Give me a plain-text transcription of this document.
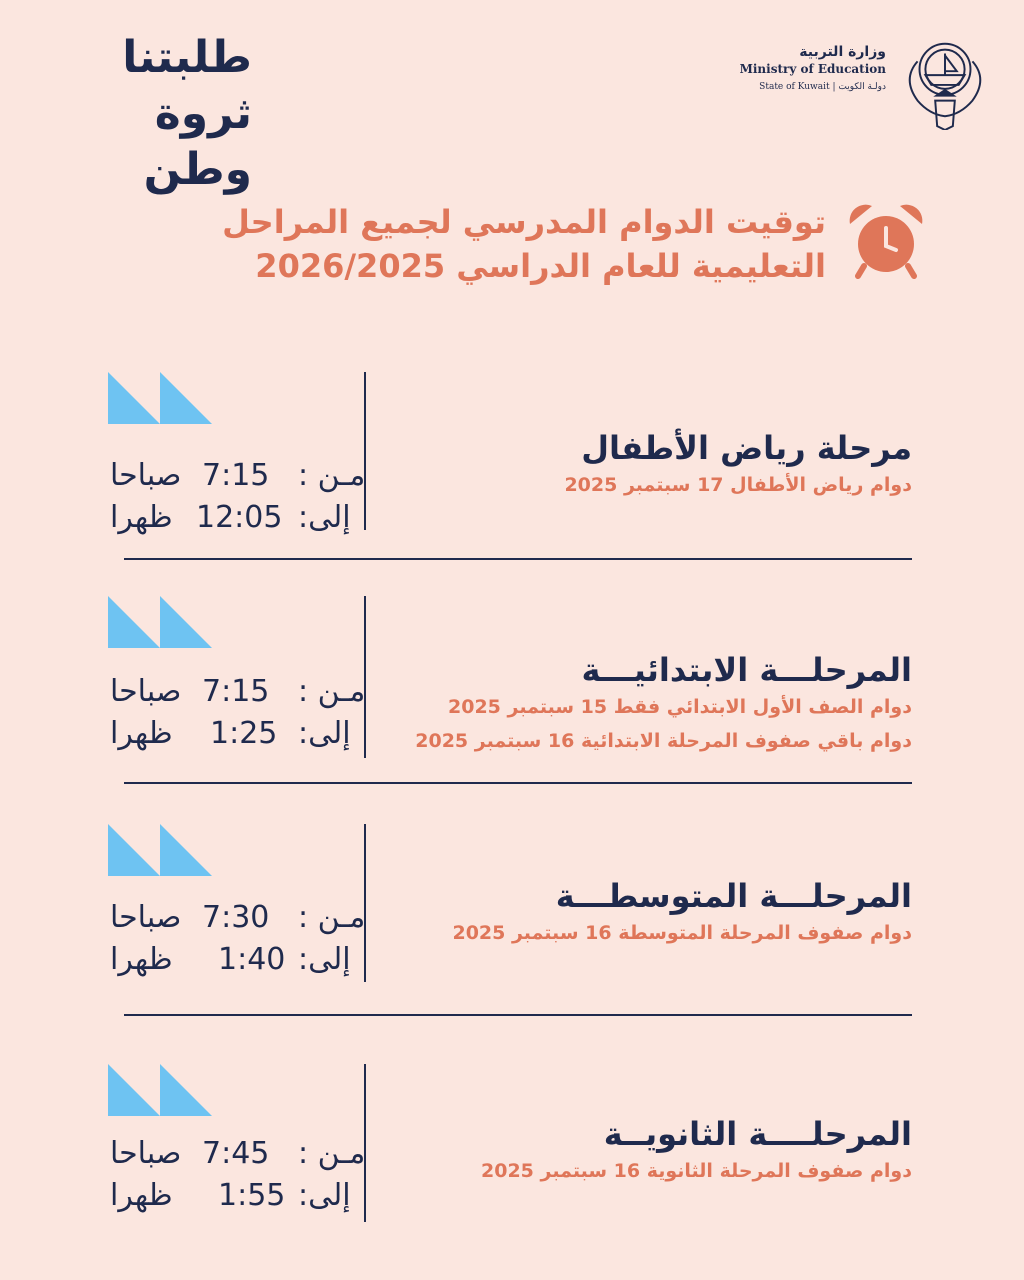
طلبتنا
ثروة وطن
وزارة التربية
Ministry of Education
State of Kuwait | دولـة الكويت
توقيت الدوام المدرسي لجميع المراحل
التعليمية للعام الدراسي 2026/2025
صباحا 7:15 مـن :
ظهرا 12:05 إلى:
مرحلة رياض الأطفال
دوام رياض الأطفال 17 سبتمبر 2025
صباحا 7:15 مـن :
ظهرا 1:25 إلى:
المرحلـــة الابتدائيـــة
دوام الصف الأول الابتدائي فقط 15 سبتمبر 2025
دوام باقي صفوف المرحلة الابتدائية 16 سبتمبر 2025
صباحا 7:30 مـن :
ظهرا 1:40 إلى:
المرحلـــة المتوسطـــة
دوام صفوف المرحلة المتوسطة 16 سبتمبر 2025
صباحا 7:45 مـن :
ظهرا 1:55 إلى:
المرحلــــة الثانويــة
دوام صفوف المرحلة الثانوية 16 سبتمبر 2025
